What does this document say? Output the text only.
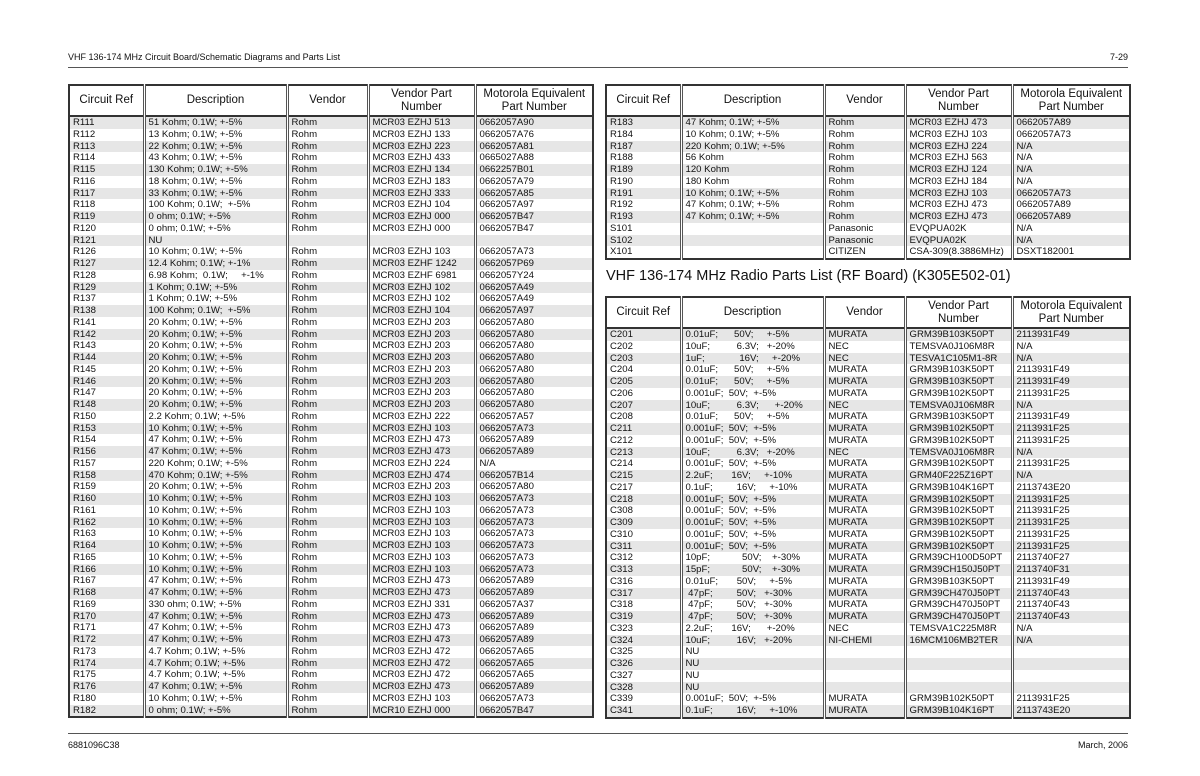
VHF 136-174 MHz Circuit Board/Schematic Diagrams and Parts List	7-29
Circuit Ref	Description	Vendor	Vendor Part
Number	Motorola Equivalent
Part Number
R111	51 Kohm; 0.1W; +-5%	Rohm	MCR03 EZHJ 513	0662057A90
R112	13 Kohm; 0.1W; +-5%	Rohm	MCR03 EZHJ 133	0662057A76
R113	22 Kohm; 0.1W; +-5%	Rohm	MCR03 EZHJ 223	0662057A81
R114	43 Kohm; 0.1W; +-5%	Rohm	MCR03 EZHJ 433	0665027A88
R115	130 Kohm; 0.1W; +-5%	Rohm	MCR03 EZHJ 134	0662257B01
R116	18 Kohm; 0.1W; +-5%	Rohm	MCR03 EZHJ 183	0662057A79
R117	33 Kohm; 0.1W; +-5%	Rohm	MCR03 EZHJ 333	0662057A85
R118	100 Kohm; 0.1W;  +-5%	Rohm	MCR03 EZHJ 104	0662057A97
R119	0 ohm; 0.1W; +-5%	Rohm	MCR03 EZHJ 000	0662057B47
R120	0 ohm; 0.1W; +-5%	Rohm	MCR03 EZHJ 000	0662057B47
R121	NU			
R126	10 Kohm; 0.1W; +-5%	Rohm	MCR03 EZHJ 103	0662057A73
R127	12.4 Kohm; 0.1W; +-1%	Rohm	MCR03 EZHF 1242	0662057P69
R128	6.98 Kohm;  0.1W;     +-1%	Rohm	MCR03 EZHF 6981	0662057Y24
R129	1 Kohm; 0.1W; +-5%	Rohm	MCR03 EZHJ 102	0662057A49
R137	1 Kohm; 0.1W; +-5%	Rohm	MCR03 EZHJ 102	0662057A49
R138	100 Kohm; 0.1W;  +-5%	Rohm	MCR03 EZHJ 104	0662057A97
R141	20 Kohm; 0.1W; +-5%	Rohm	MCR03 EZHJ 203	0662057A80
R142	20 Kohm; 0.1W; +-5%	Rohm	MCR03 EZHJ 203	0662057A80
R143	20 Kohm; 0.1W; +-5%	Rohm	MCR03 EZHJ 203	0662057A80
R144	20 Kohm; 0.1W; +-5%	Rohm	MCR03 EZHJ 203	0662057A80
R145	20 Kohm; 0.1W; +-5%	Rohm	MCR03 EZHJ 203	0662057A80
R146	20 Kohm; 0.1W; +-5%	Rohm	MCR03 EZHJ 203	0662057A80
R147	20 Kohm; 0.1W; +-5%	Rohm	MCR03 EZHJ 203	0662057A80
R148	20 Kohm; 0.1W; +-5%	Rohm	MCR03 EZHJ 203	0662057A80
R150	2.2 Kohm; 0.1W; +-5%	Rohm	MCR03 EZHJ 222	0662057A57
R153	10 Kohm; 0.1W; +-5%	Rohm	MCR03 EZHJ 103	0662057A73
R154	47 Kohm; 0.1W; +-5%	Rohm	MCR03 EZHJ 473	0662057A89
R156	47 Kohm; 0.1W; +-5%	Rohm	MCR03 EZHJ 473	0662057A89
R157	220 Kohm; 0.1W; +-5%	Rohm	MCR03 EZHJ 224	N/A
R158	470 Kohm; 0.1W; +-5%	Rohm	MCR03 EZHJ 474	0662057B14
R159	20 Kohm; 0.1W; +-5%	Rohm	MCR03 EZHJ 203	0662057A80
R160	10 Kohm; 0.1W; +-5%	Rohm	MCR03 EZHJ 103	0662057A73
R161	10 Kohm; 0.1W; +-5%	Rohm	MCR03 EZHJ 103	0662057A73
R162	10 Kohm; 0.1W; +-5%	Rohm	MCR03 EZHJ 103	0662057A73
R163	10 Kohm; 0.1W; +-5%	Rohm	MCR03 EZHJ 103	0662057A73
R164	10 Kohm; 0.1W; +-5%	Rohm	MCR03 EZHJ 103	0662057A73
R165	10 Kohm; 0.1W; +-5%	Rohm	MCR03 EZHJ 103	0662057A73
R166	10 Kohm; 0.1W; +-5%	Rohm	MCR03 EZHJ 103	0662057A73
R167	47 Kohm; 0.1W; +-5%	Rohm	MCR03 EZHJ 473	0662057A89
R168	47 Kohm; 0.1W; +-5%	Rohm	MCR03 EZHJ 473	0662057A89
R169	330 ohm; 0.1W; +-5%	Rohm	MCR03 EZHJ 331	0662057A37
R170	47 Kohm; 0.1W; +-5%	Rohm	MCR03 EZHJ 473	0662057A89
R171	47 Kohm; 0.1W; +-5%	Rohm	MCR03 EZHJ 473	0662057A89
R172	47 Kohm; 0.1W; +-5%	Rohm	MCR03 EZHJ 473	0662057A89
R173	4.7 Kohm; 0.1W; +-5%	Rohm	MCR03 EZHJ 472	0662057A65
R174	4.7 Kohm; 0.1W; +-5%	Rohm	MCR03 EZHJ 472	0662057A65
R175	4.7 Kohm; 0.1W; +-5%	Rohm	MCR03 EZHJ 472	0662057A65
R176	47 Kohm; 0.1W; +-5%	Rohm	MCR03 EZHJ 473	0662057A89
R180	10 Kohm; 0.1W; +-5%	Rohm	MCR03 EZHJ 103	0662057A73
R182	0 ohm; 0.1W; +-5%	Rohm	MCR10 EZHJ 000	0662057B47
Circuit Ref	Description	Vendor	Vendor Part
Number	Motorola Equivalent
Part Number
R183	47 Kohm; 0.1W; +-5%	Rohm	MCR03 EZHJ 473	0662057A89
R184	10 Kohm; 0.1W; +-5%	Rohm	MCR03 EZHJ 103	0662057A73
R187	220 Kohm; 0.1W; +-5%	Rohm	MCR03 EZHJ 224	N/A
R188	56 Kohm	Rohm	MCR03 EZHJ 563	N/A
R189	120 Kohm	Rohm	MCR03 EZHJ 124	N/A
R190	180 Kohm	Rohm	MCR03 EZHJ 184	N/A
R191	10 Kohm; 0.1W; +-5%	Rohm	MCR03 EZHJ 103	0662057A73
R192	47 Kohm; 0.1W; +-5%	Rohm	MCR03 EZHJ 473	0662057A89
R193	47 Kohm; 0.1W; +-5%	Rohm	MCR03 EZHJ 473	0662057A89
S101		Panasonic	EVQPUA02K	N/A
S102		Panasonic	EVQPUA02K	N/A
X101		CITIZEN	CSA-309(8.3886MHz)	DSXT182001
VHF 136-174 MHz Radio Parts List (RF Board) (K305E502-01)
Circuit Ref	Description	Vendor	Vendor Part
Number	Motorola Equivalent
Part Number
C201	0.01uF;      50V;     +-5%	MURATA	GRM39B103K50PT	2113931F49
C202	10uF;          6.3V;   +-20%	NEC	TEMSVA0J106M8R	N/A
C203	1uF;             16V;     +-20%	NEC	TESVA1C105M1-8R	N/A
C204	0.01uF;      50V;     +-5%	MURATA	GRM39B103K50PT	2113931F49
C205	0.01uF;      50V;     +-5%	MURATA	GRM39B103K50PT	2113931F49
C206	0.001uF;  50V;  +-5%	MURATA	GRM39B102K50PT	2113931F25
C207	10uF;          6.3V;      +-20%	NEC	TEMSVA0J106M8R	N/A
C208	0.01uF;      50V;     +-5%	MURATA	GRM39B103K50PT	2113931F49
C211	0.001uF;  50V;  +-5%	MURATA	GRM39B102K50PT	2113931F25
C212	0.001uF;  50V;  +-5%	MURATA	GRM39B102K50PT	2113931F25
C213	10uF;          6.3V;   +-20%	NEC	TEMSVA0J106M8R	N/A
C214	0.001uF;  50V;  +-5%	MURATA	GRM39B102K50PT	2113931F25
C215	2.2uF;       16V;     +-10%	MURATA	GRM40F225Z16PT	N/A
C217	0.1uF;         16V;     +-10%	MURATA	GRM39B104K16PT	2113743E20
C218	0.001uF;  50V;  +-5%	MURATA	GRM39B102K50PT	2113931F25
C308	0.001uF;  50V;  +-5%	MURATA	GRM39B102K50PT	2113931F25
C309	0.001uF;  50V;  +-5%	MURATA	GRM39B102K50PT	2113931F25
C310	0.001uF;  50V;  +-5%	MURATA	GRM39B102K50PT	2113931F25
C311	0.001uF;  50V;  +-5%	MURATA	GRM39B102K50PT	2113931F25
C312	10pF;            50V;    +-30%	MURATA	GRM39CH100D50PT	2113740F27
C313	15pF;            50V;    +-30%	MURATA	GRM39CH150J50PT	2113740F31
C316	0.01uF;       50V;     +-5%	MURATA	GRM39B103K50PT	2113931F49
C317	47pF;         50V;   +-30%	MURATA	GRM39CH470J50PT	2113740F43
C318	47pF;         50V;   +-30%	MURATA	GRM39CH470J50PT	2113740F43
C319	47pF;         50V;   +-30%	MURATA	GRM39CH470J50PT	2113740F43
C323	2.2uF;       16V;      +-20%	NEC	TEMSVA1C225M8R	N/A
C324	10uF;          16V;   +-20%	NI-CHEMI	16MCM106MB2TER	N/A
C325	NU			
C326	NU			
C327	NU			
C328	NU			
C339	0.001uF;  50V;  +-5%	MURATA	GRM39B102K50PT	2113931F25
C341	0.1uF;         16V;     +-10%	MURATA	GRM39B104K16PT	2113743E20
6881096C38	March, 2006
